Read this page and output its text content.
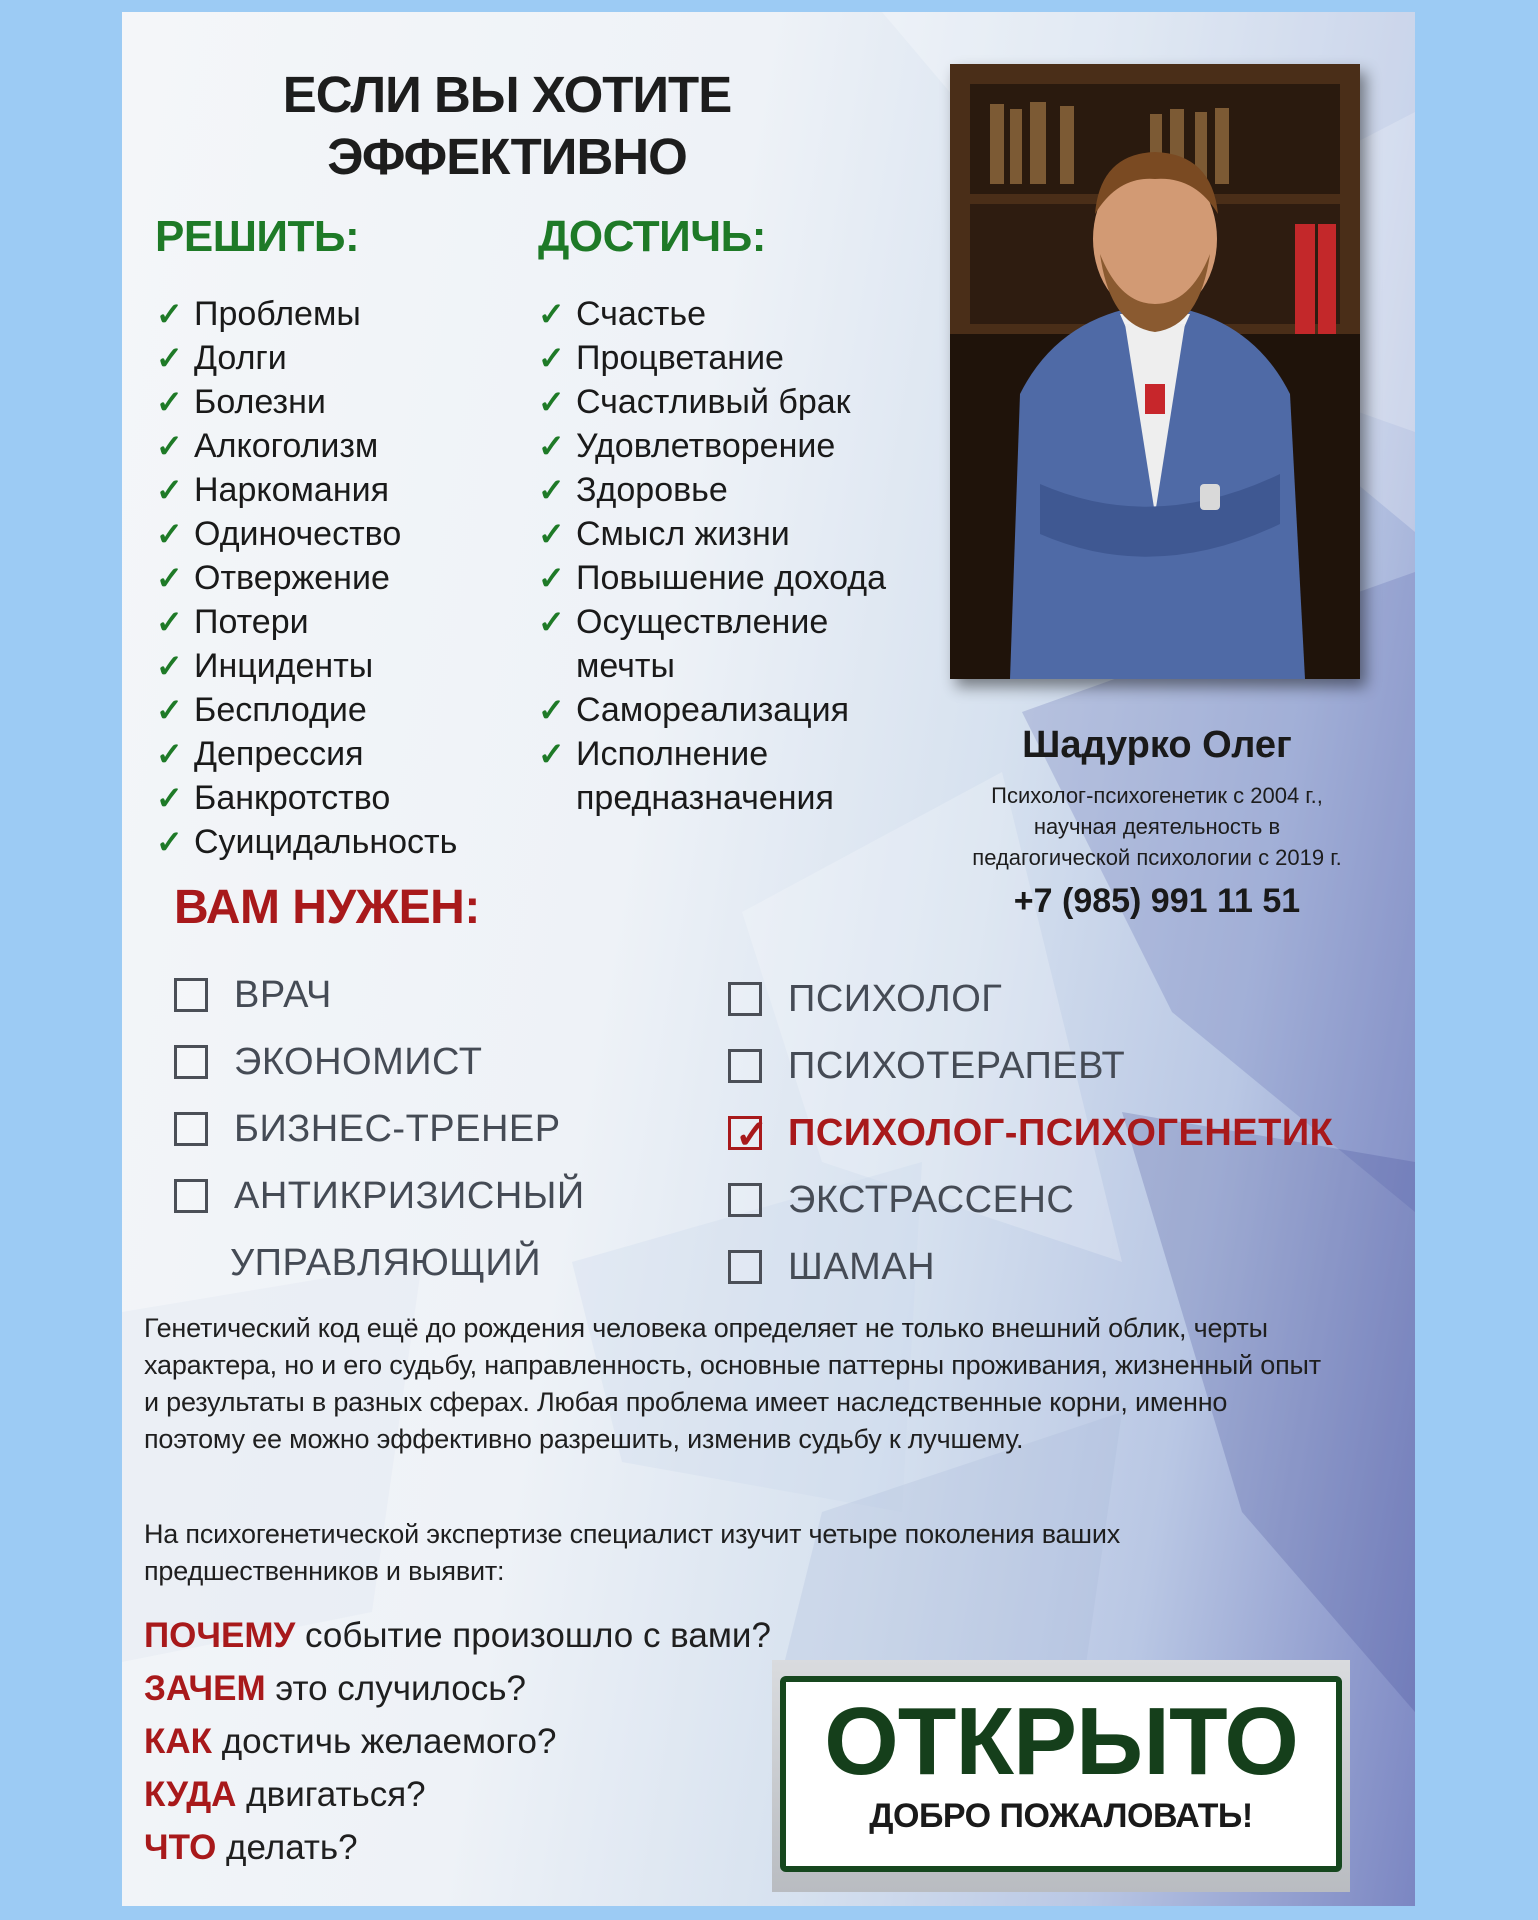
ЕСЛИ ВЫ ХОТИТЕ
ЭФФЕКТИВНО
РЕШИТЬ:
✓ Проблемы
✓ Долги
✓ Болезни
✓ Алкоголизм
✓ Наркомания
✓ Одиночество
✓ Отвержение
✓ Потери
✓ Инциденты
✓ Бесплодие
✓ Депрессия
✓ Банкротство
✓ Суицидальность
ДОСТИЧЬ:
✓ Счастье
✓ Процветание
✓ Счастливый брак
✓ Удовлетворение
✓ Здоровье
✓ Смысл жизни
✓ Повышение дохода
✓ Осуществление
мечты
✓ Самореализация
✓ Исполнение
предназначения
Шадурко Олег
Психолог-психогенетик с 2004 г.,
научная деятельность в
педагогической психологии с 2019 г.
+7 (985) 991 11 51
ВАМ НУЖЕН:
ВРАЧ
ЭКОНОМИСТ
БИЗНЕС-ТРЕНЕР
АНТИКРИЗИСНЫЙ
УПРАВЛЯЮЩИЙ
ПСИХОЛОГ
ПСИХОТЕРАПЕВТ
✓ ПСИХОЛОГ-ПСИХОГЕНЕТИК
ЭКСТРАССЕНС
ШАМАН
Генетический код ещё до рождения человека определяет не только внешний облик, черты характера, но и его судьбу, направленность, основные паттерны проживания, жизненный опыт и результаты в разных сферах. Любая проблема имеет наследственные корни, именно поэтому ее можно эффективно разрешить, изменив судьбу к лучшему.
На психогенетической экспертизе специалист изучит четыре поколения ваших предшественников и выявит:
ПОЧЕМУ событие произошло с вами?
ЗАЧЕМ это случилось?
КАК достичь желаемого?
КУДА двигаться?
ЧТО делать?
ОТКРЫТО
ДОБРО ПОЖАЛОВАТЬ!
